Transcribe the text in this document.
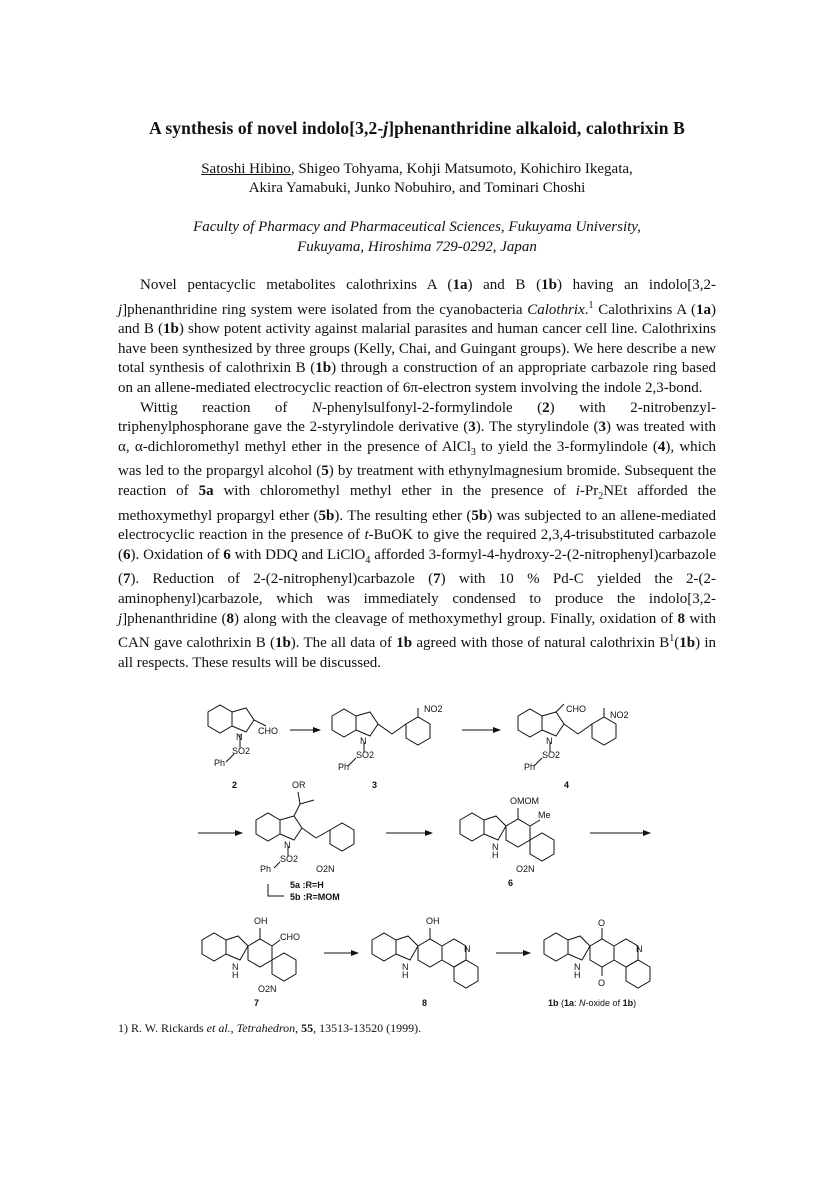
A synthesis of novel indolo[3,2-j]phenanthridine alkaloid, calothrixin B
Satoshi Hibino, Shigeo Tohyama, Kohji Matsumoto, Kohichiro Ikegata,
Akira Yamabuki, Junko Nobuhiro, and Tominari Choshi
Faculty of Pharmacy and Pharmaceutical Sciences, Fukuyama University,
Fukuyama, Hiroshima 729-0292, Japan

Novel pentacyclic metabolites calothrixins A (1a) and B (1b) having an indolo[3,2-j]phenanthridine ring system were isolated from the cyanobacteria Calothrix.$^1$ Calothrixins A (1a) and B (1b) show potent activity against malarial parasites and human cancer cell line. Calothrixins have been synthesized by three groups (Kelly, Chai, and Guingant groups). We here describe a new total synthesis of calothrixin B (1b) through a construction of an appropriate carbazole ring based on an allene-mediated electrocyclic reaction of 6π-electron system involving the indole 2,3-bond.

Wittig reaction of N-phenylsulfonyl-2-formylindole (2) with 2-nitrobenzyl-triphenylphosphorane gave the 2-styrylindole derivative (3). The styrylindole (3) was treated with α, α-dichloromethyl methyl ether in the presence of AlCl$_3$ to yield the 3-formylindole (4), which was led to the propargyl alcohol (5) by treatment with ethynylmagnesium bromide. Subsequent the reaction of 5a with chloromethyl methyl ether in the presence of $i-Pr_2NEt$ afforded the methoxymethyl propargyl ether (5b). The resulting ether (5b) was subjected to an allene-mediated electrocyclic reaction in the presence of t-BuOK to give the required 2,3,4-trisubstituted carbazole (6). Oxidation of 6 with DDQ and LiClO$_4$ afforded 3-formyl-4-hydroxy-2-(2-nitrophenyl)carbazole (7). Reduction of 2-(2-nitrophenyl)carbazole (7) with 10 % Pd-C yielded the 2-(2-aminophenyl)carbazole, which was immediately condensed to produce the indolo[3,2-j]phenanthridine (8) along with the cleavage of methoxymethyl group. Finally, oxidation of 8 with CAN gave calothrixin B (1b). The all data of 1b agreed with those of natural calothrixin $B^1(1b)$ in all respects. These results will be discussed.

N
CHO
SO2
Ph
2
N
NO2
SO2
Ph
3
N
CHO
NO2
SO2
Ph
4
N
OR
SO2
Ph	O2N
5a :R=H
5b :R=MOM
OMOM
Me
N
H
O2N
6
OH
CHO
N
H
O2N
7
OH
N
N
H
8
O
O
N
N
H
1b (1a: N-oxide of 1b)
1) R. W. Rickards et al., Tetrahedron, 55, 13513-13520 (1999).
